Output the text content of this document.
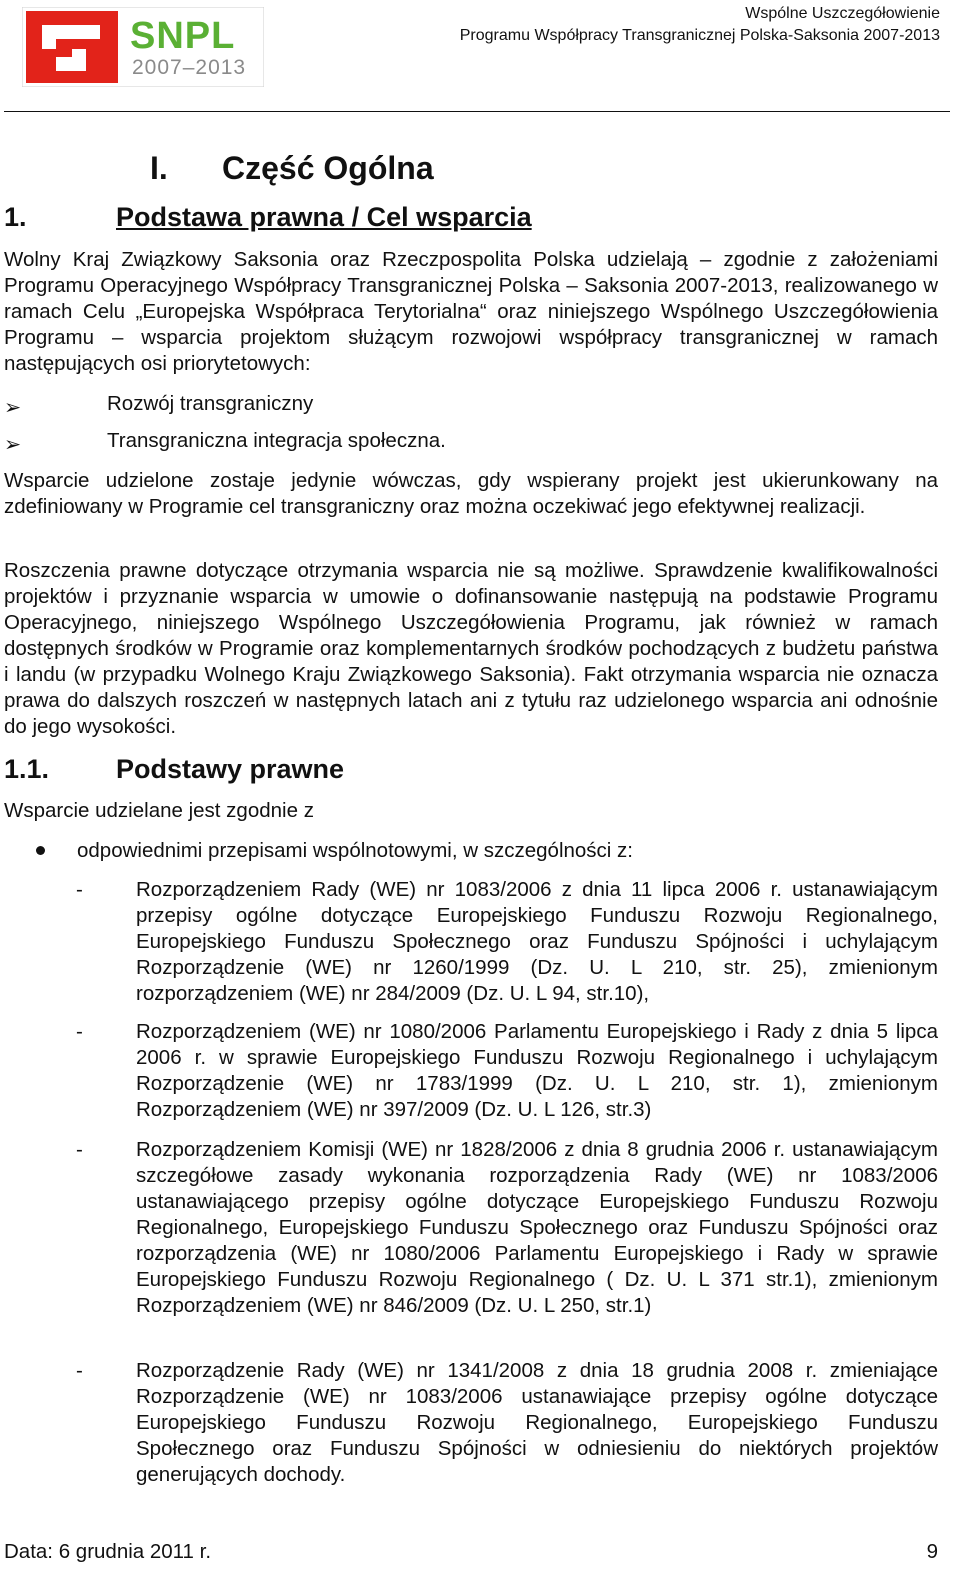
SNPL
2007–2013
Wspólne Uszczegółowienie
Programu Współpracy Transgranicznej Polska-Saksonia 2007-2013
I. Część Ogólna
1.	Podstawa prawna / Cel wsparcia
Wolny Kraj Związkowy Saksonia oraz Rzeczpospolita Polska udzielają – zgodnie z założeniami Programu Operacyjnego Współpracy Transgranicznej Polska – Saksonia 2007-2013, realizowanego w ramach Celu „Europejska Współpraca Terytorialna“ oraz niniejszego Wspólnego Uszczegółowienia Programu – wsparcia projektom służącym rozwojowi współpracy transgranicznej w ramach następujących osi priorytetowych:
➢	Rozwój transgraniczny
➢	Transgraniczna integracja społeczna.
Wsparcie udzielone zostaje jedynie wówczas, gdy wspierany projekt jest ukierunkowany na zdefiniowany w Programie cel transgraniczny oraz można oczekiwać jego efektywnej realizacji.
Roszczenia prawne dotyczące otrzymania wsparcia nie są możliwe. Sprawdzenie kwalifikowalności projektów i przyznanie wsparcia w umowie o dofinansowanie następują na podstawie Programu Operacyjnego, niniejszego Wspólnego Uszczegółowienia Programu, jak również w ramach dostępnych środków w Programie oraz komplementarnych środków pochodzących z budżetu państwa i landu (w przypadku Wolnego Kraju Związkowego Saksonia). Fakt otrzymania wsparcia nie oznacza prawa do dalszych roszczeń w następnych latach ani z tytułu raz udzielonego wsparcia ani odnośnie do jego wysokości.
1.1. Podstawy prawne
Wsparcie udzielane jest zgodnie z
odpowiednimi przepisami wspólnotowymi, w szczególności z:
-	Rozporządzeniem Rady (WE) nr 1083/2006 z dnia 11 lipca 2006 r. ustanawiającym przepisy ogólne dotyczące Europejskiego Funduszu Rozwoju Regionalnego, Europejskiego Funduszu Społecznego oraz Funduszu Spójności i uchylającym Rozporządzenie (WE) nr 1260/1999 (Dz. U. L 210, str. 25), zmienionym rozporządzeniem (WE) nr 284/2009 (Dz. U. L 94, str.10),
-	Rozporządzeniem (WE) nr 1080/2006 Parlamentu Europejskiego i Rady z dnia 5 lipca 2006 r. w sprawie Europejskiego Funduszu Rozwoju Regionalnego i uchylającym Rozporządzenie (WE) nr 1783/1999 (Dz. U. L 210, str. 1), zmienionym Rozporządzeniem (WE) nr 397/2009 (Dz. U. L 126, str.3)
-	Rozporządzeniem Komisji (WE) nr 1828/2006 z dnia 8 grudnia 2006 r. ustanawiającym szczegółowe zasady wykonania rozporządzenia Rady (WE) nr 1083/2006 ustanawiającego przepisy ogólne dotyczące Europejskiego Funduszu Rozwoju Regionalnego, Europejskiego Funduszu Społecznego oraz Funduszu Spójności oraz rozporządzenia (WE) nr 1080/2006 Parlamentu Europejskiego i Rady w sprawie Europejskiego Funduszu Rozwoju Regionalnego ( Dz. U. L 371 str.1), zmienionym Rozporządzeniem (WE) nr 846/2009 (Dz. U. L 250, str.1)
-	Rozporządzenie Rady (WE) nr 1341/2008 z dnia 18 grudnia 2008 r. zmieniające Rozporządzenie (WE) nr 1083/2006 ustanawiające przepisy ogólne dotyczące Europejskiego Funduszu Rozwoju Regionalnego, Europejskiego Funduszu Społecznego oraz Funduszu Spójności w odniesieniu do niektórych projektów generujących dochody.
Data: 6 grudnia 2011 r.	9
